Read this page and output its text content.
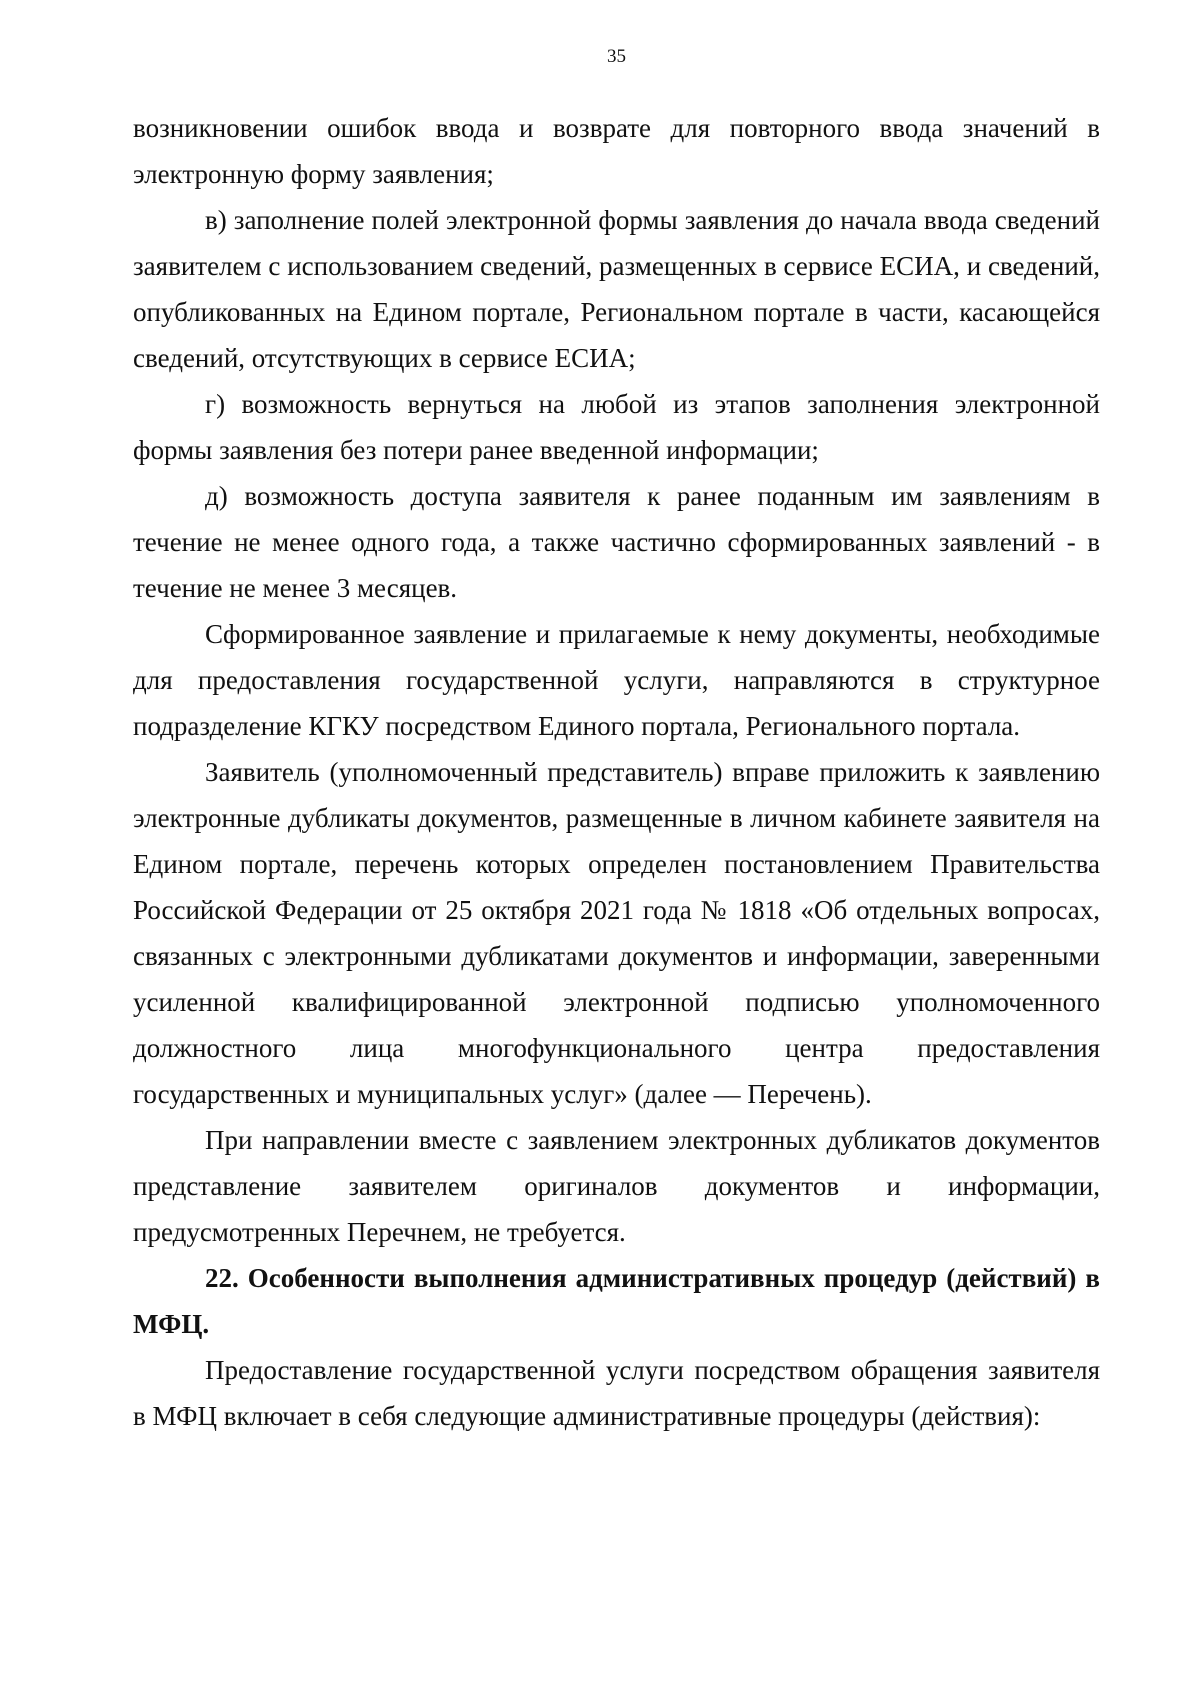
35

возникновении ошибок ввода и возврате для повторного ввода значений в электронную форму заявления;

в) заполнение полей электронной формы заявления до начала ввода сведений заявителем с использованием сведений, размещенных в сервисе ЕСИА, и сведений, опубликованных на Едином портале, Региональном портале в части, касающейся сведений, отсутствующих в сервисе ЕСИА;

г) возможность вернуться на любой из этапов заполнения электронной формы заявления без потери ранее введенной информации;

д) возможность доступа заявителя к ранее поданным им заявлениям в течение не менее одного года, а также частично сформированных заявлений - в течение не менее 3 месяцев.

Сформированное заявление и прилагаемые к нему документы, необходимые для предоставления государственной услуги, направляются в структурное подразделение КГКУ посредством Единого портала, Регионального портала.

Заявитель (уполномоченный представитель) вправе приложить к заявлению электронные дубликаты документов, размещенные в личном кабинете заявителя на Едином портале, перечень которых определен постановлением Правительства Российской Федерации от 25 октября 2021 года № 1818 «Об отдельных вопросах, связанных с электронными дубликатами документов и информации, заверенными усиленной квалифицированной электронной подписью уполномоченного должностного лица многофункционального центра предоставления государственных и муниципальных услуг» (далее — Перечень).

При направлении вместе с заявлением электронных дубликатов документов представление заявителем оригиналов документов и информации, предусмотренных Перечнем, не требуется.

22. Особенности выполнения административных процедур (действий) в МФЦ.

Предоставление государственной услуги посредством обращения заявителя в МФЦ включает в себя следующие административные процедуры (действия):
